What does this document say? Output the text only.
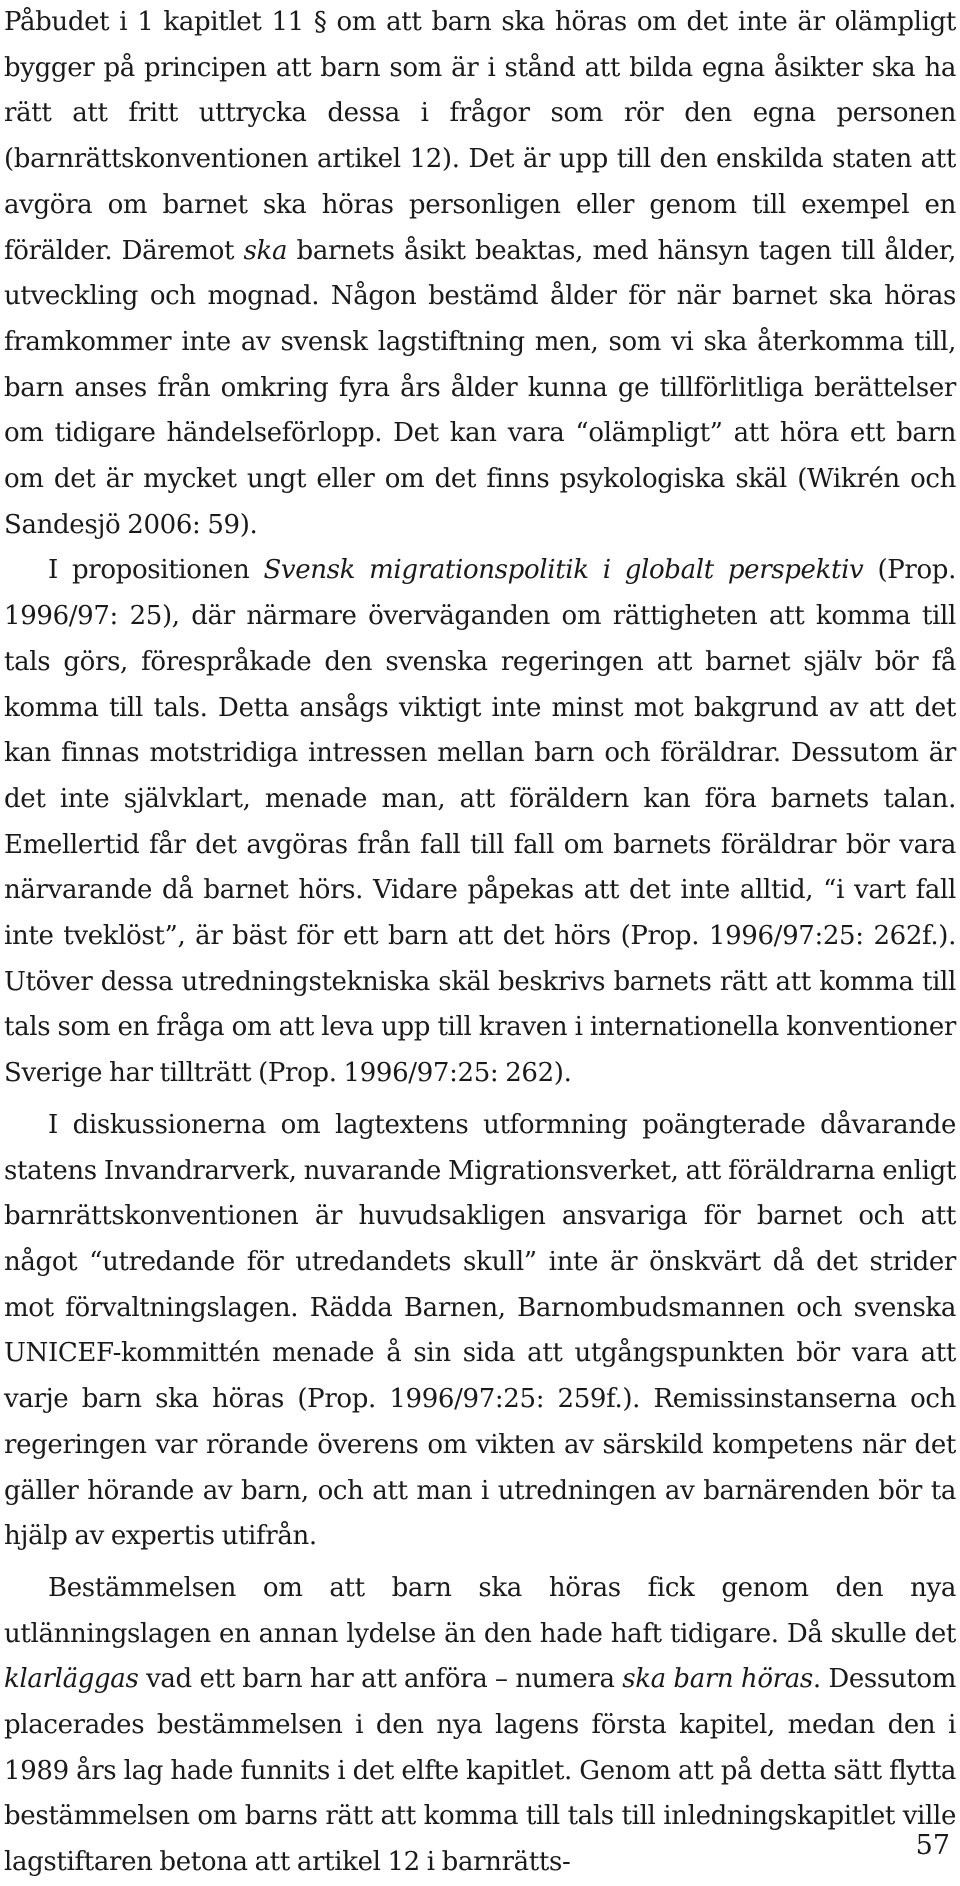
Påbudet i 1 kapitlet 11 § om att barn ska höras om det inte är olämpligt bygger på principen att barn som är i stånd att bilda egna åsikter ska ha rätt att fritt uttrycka dessa i frågor som rör den egna personen (barnrättskonventionen artikel 12). Det är upp till den enskilda staten att avgöra om barnet ska höras personligen eller genom till exempel en förälder. Däremot ska barnets åsikt beaktas, med hänsyn tagen till ålder, utveckling och mognad. Någon bestämd ålder för när barnet ska höras framkommer inte av svensk lagstiftning men, som vi ska återkomma till, barn anses från omkring fyra års ålder kunna ge tillförlitliga berättelser om tidigare händelseförlopp. Det kan vara “olämpligt” att höra ett barn om det är mycket ungt eller om det finns psykologiska skäl (Wikrén och Sandesjö 2006: 59).

I propositionen Svensk migrationspolitik i globalt perspektiv (Prop. 1996/97: 25), där närmare överväganden om rättigheten att komma till tals görs, förespråkade den svenska regeringen att barnet själv bör få komma till tals. Detta ansågs viktigt inte minst mot bakgrund av att det kan finnas motstridiga intressen mellan barn och föräldrar. Dessutom är det inte självklart, menade man, att föräldern kan föra barnets talan. Emellertid får det avgöras från fall till fall om barnets föräldrar bör vara närvarande då barnet hörs. Vidare påpekas att det inte alltid, “i vart fall inte tveklöst”, är bäst för ett barn att det hörs (Prop. 1996/97:25: 262f.). Utöver dessa utredningstekniska skäl beskrivs barnets rätt att komma till tals som en fråga om att leva upp till kraven i internationella konventioner Sverige har tillträtt (Prop. 1996/97:25: 262).

I diskussionerna om lagtextens utformning poängterade dåvarande statens Invandrarverk, nuvarande Migrationsverket, att föräldrarna enligt barnrättskonventionen är huvudsakligen ansvariga för barnet och att något “utredande för utredandets skull” inte är önskvärt då det strider mot förvaltningslagen. Rädda Barnen, Barnombudsmannen och svenska UNICEF-kommittén menade å sin sida att utgångspunkten bör vara att varje barn ska höras (Prop. 1996/97:25: 259f.). Remissinstanserna och regeringen var rörande överens om vikten av särskild kompetens när det gäller hörande av barn, och att man i utredningen av barnärenden bör ta hjälp av expertis utifrån.

Bestämmelsen om att barn ska höras fick genom den nya utlänningslagen en annan lydelse än den hade haft tidigare. Då skulle det klarläggas vad ett barn har att anföra – numera ska barn höras. Dessutom placerades bestämmelsen i den nya lagens första kapitel, medan den i 1989 års lag hade funnits i det elfte kapitlet. Genom att på detta sätt flytta bestämmelsen om barns rätt att komma till tals till inledningskapitlet ville lagstiftaren betona att artikel 12 i barnrätts-

57
